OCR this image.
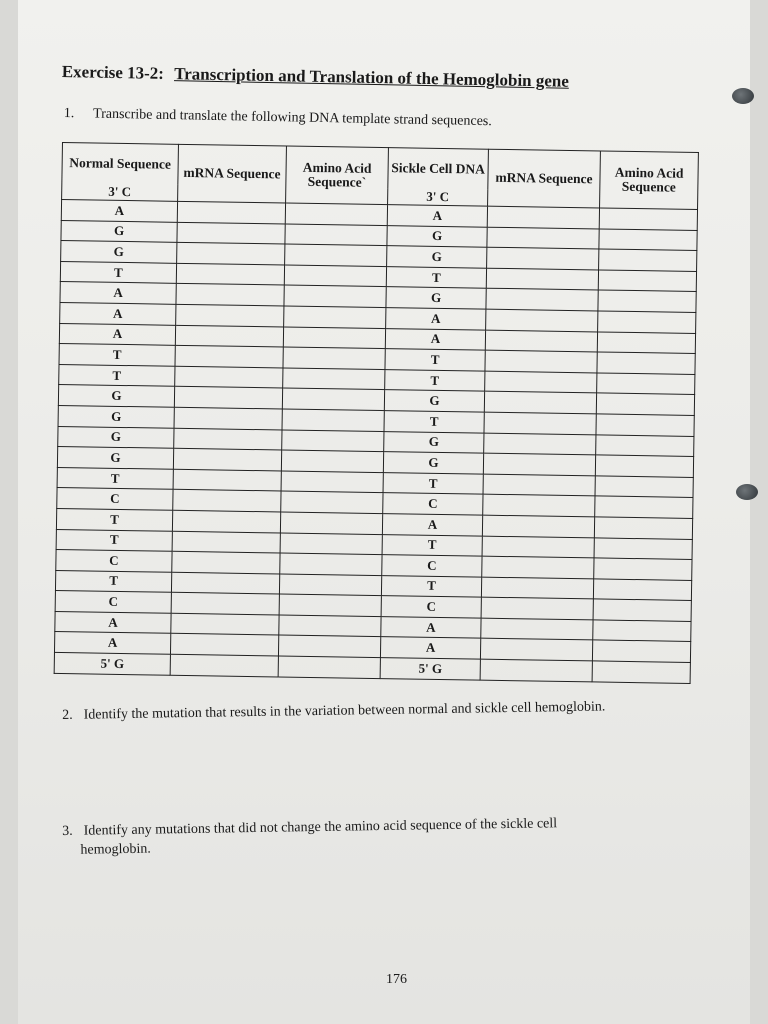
Exercise 13-2: Transcription and Translation of the Hemoglobin gene
1. Transcribe and translate the following DNA template strand sequences.
Normal Sequence	mRNA Sequence	Amino Acid Sequence`	Sickle Cell DNA	mRNA Sequence	Amino Acid Sequence
3' C			3' C		
A			A		
G			G		
G			G		
T			T		
A			G		
A			A		
A			A		
T			T		
T			T		
G			G		
G			T		
G			G		
G			G		
T			T		
C			C		
T			A		
T			T		
C			C		
T			T		
C			C		
A			A		
A			A		
5' G			5' G		
2. Identify the mutation that results in the variation between normal and sickle cell hemoglobin.
3. Identify any mutations that did not change the amino acid sequence of the sickle cell
hemoglobin.
176
